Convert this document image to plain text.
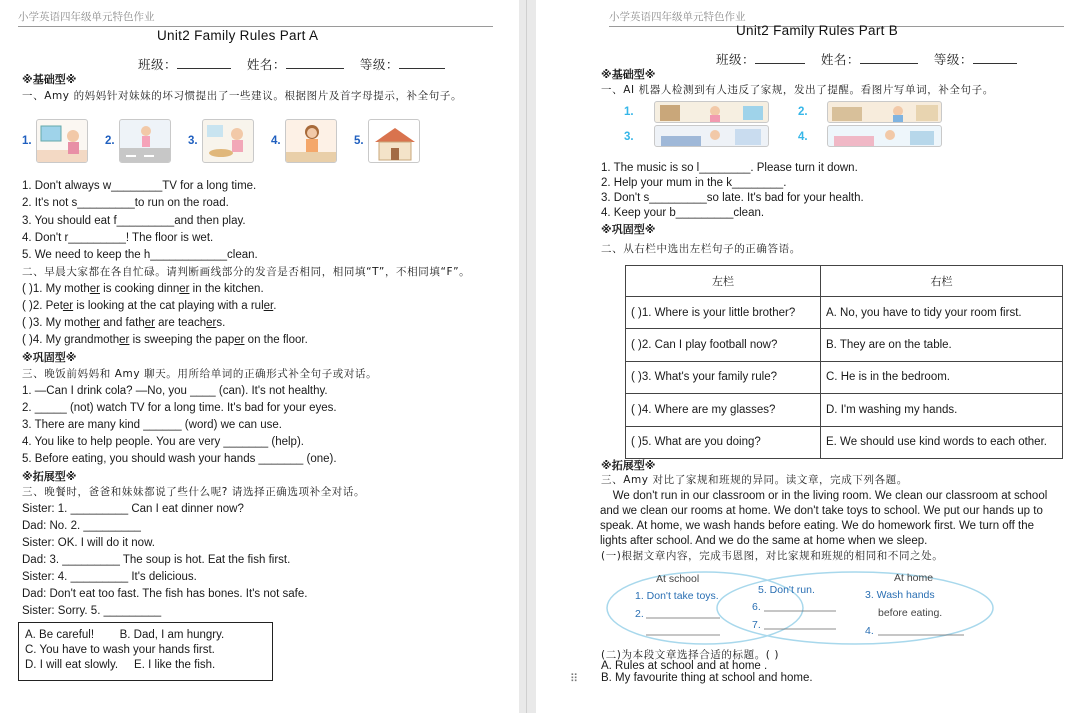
小学英语四年级单元特色作业
Unit2 Family Rules Part A
班级：	姓名：	等级：
※基础型※
一、Amy 的妈妈针对妹妹的坏习惯提出了一些建议。根据图片及首字母提示，补全句子。
1.	2.	3.	4.	5.
1. Don't always w________TV for a long time.
2. It's not s_________to run on the road.
3. You should eat f_________and then play.
4. Don't r_________! The floor is wet.
5. We need to keep the h____________clean.
二、早晨大家都在各自忙碌。请判断画线部分的发音是否相同，相同填“T”，不相同填“F”。
( )1. My mother is cooking dinner in the kitchen.
( )2. Peter is looking at the cat playing with a ruler.
( )3. My mother and father are teachers.
( )4. My grandmother is sweeping the paper on the floor.
※巩固型※
三、晚饭前妈妈和 Amy 聊天。用所给单词的正确形式补全句子或对话。
1. —Can I drink cola? —No, you ____ (can). It's not healthy.
2. _____ (not) watch TV for a long time. It's bad for your eyes.
3. There are many kind ______ (word) we can use.
4. You like to help people. You are very _______ (help).
5. Before eating, you should wash your hands _______ (one).
※拓展型※
三、晚餐时，爸爸和妹妹都说了些什么呢? 请选择正确选项补全对话。
Sister: 1. _________ Can I eat dinner now?
Dad: No. 2. _________
Sister: OK. I will do it now.
Dad: 3. _________ The soup is hot. Eat the fish first.
Sister: 4. _________ It's delicious.
Dad: Don't eat too fast. The fish has bones. It's not safe.
Sister: Sorry. 5. _________
A. Be careful!        B. Dad, I am hungry.
C. You have to wash your hands first.
D. I will eat slowly.     E. I like the fish.
小学英语四年级单元特色作业
Unit2 Family Rules Part B
班级：	姓名：	等级：
※基础型※
一、AI 机器人检测到有人违反了家规，发出了提醒。看图片写单词，补全句子。
1.	2.
3.	4.
1. The music is so l________. Please turn it down.
2. Help your mum in the k________.
3. Don't s_________so late. It's bad for your health.
4. Keep your b_________clean.
※巩固型※
二、从右栏中选出左栏句子的正确答语。
左栏	右栏
( )1. Where is your little brother?	A. No, you have to tidy your room first.
( )2. Can I play football now?	B. They are on the table.
( )3. What's your family rule?	C. He is in the bedroom.
( )4. Where are my glasses?	D. I'm washing my hands.
( )5. What are you doing?	E. We should use kind words to each other.
※拓展型※
三、Amy 对比了家规和班规的异同。读文章，完成下列各题。
We don't run in our classroom or in the living room. We clean our classroom at school
and we clean our rooms at home. We don't take toys to school. We put our hands up to
speak. At home, we wash hands before eating. We do homework first. We turn off the
lights after school. And we do the same at home when we sleep.
(一)根据文章内容，完成韦恩图，对比家规和班规的相同和不同之处。
At school	At home
1. Don't take toys.	5. Don't run.	3. Wash hands
before eating.
6.
2.
7.	4.
(二)为本段文章选择合适的标题。( )
A. Rules at school and at home .
B. My favourite thing at school and home.
⠿
